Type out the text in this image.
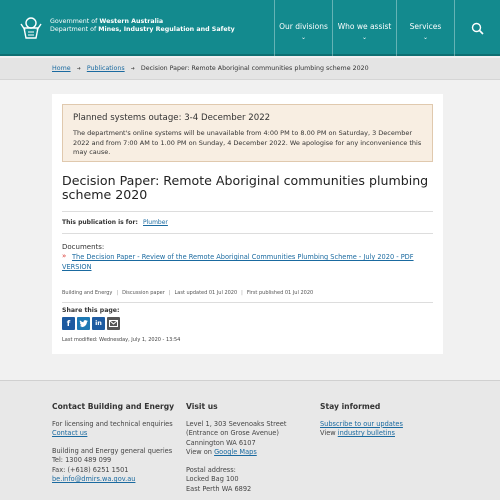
Government of Western Australia
Department of Mines, Industry Regulation and Safety	Our divisions
⌄
Who we assist
⌄
Services
⌄
Home ➜ Publications ➜ Decision Paper: Remote Aboriginal communities plumbing scheme 2020
Planned systems outage: 3-4 December 2022
The department's online systems will be unavailable from 4:00 PM to 8.00 PM on Saturday, 3 December 2022 and from 7:00 AM to 1.00 PM on Sunday, 4 December 2022. We apologise for any inconvenience this may cause.
Decision Paper: Remote Aboriginal communities plumbing scheme 2020
This publication is for: Plumber
Documents:
» The Decision Paper - Review of the Remote Aboriginal Communities Plumbing Scheme - July 2020 - PDF VERSION
Building and Energy | Discussion paper | Last updated 01 Jul 2020 | First published 01 Jul 2020
Share this page:
f	in
Last modified: Wednesday, July 1, 2020 - 13:54
Contact Building and Energy
For licensing and technical enquiries
Contact us
Building and Energy general queries
Tel: 1300 489 099
Fax: (+618) 6251 1501
be.info@dmirs.wa.gov.au
Visit us
Level 1, 303 Sevenoaks Street
(Entrance on Grose Avenue)
Cannington WA 6107
View on Google Maps
Postal address:
Locked Bag 100
East Perth WA 6892
Stay informed
Subscribe to our updates
View industry bulletins
